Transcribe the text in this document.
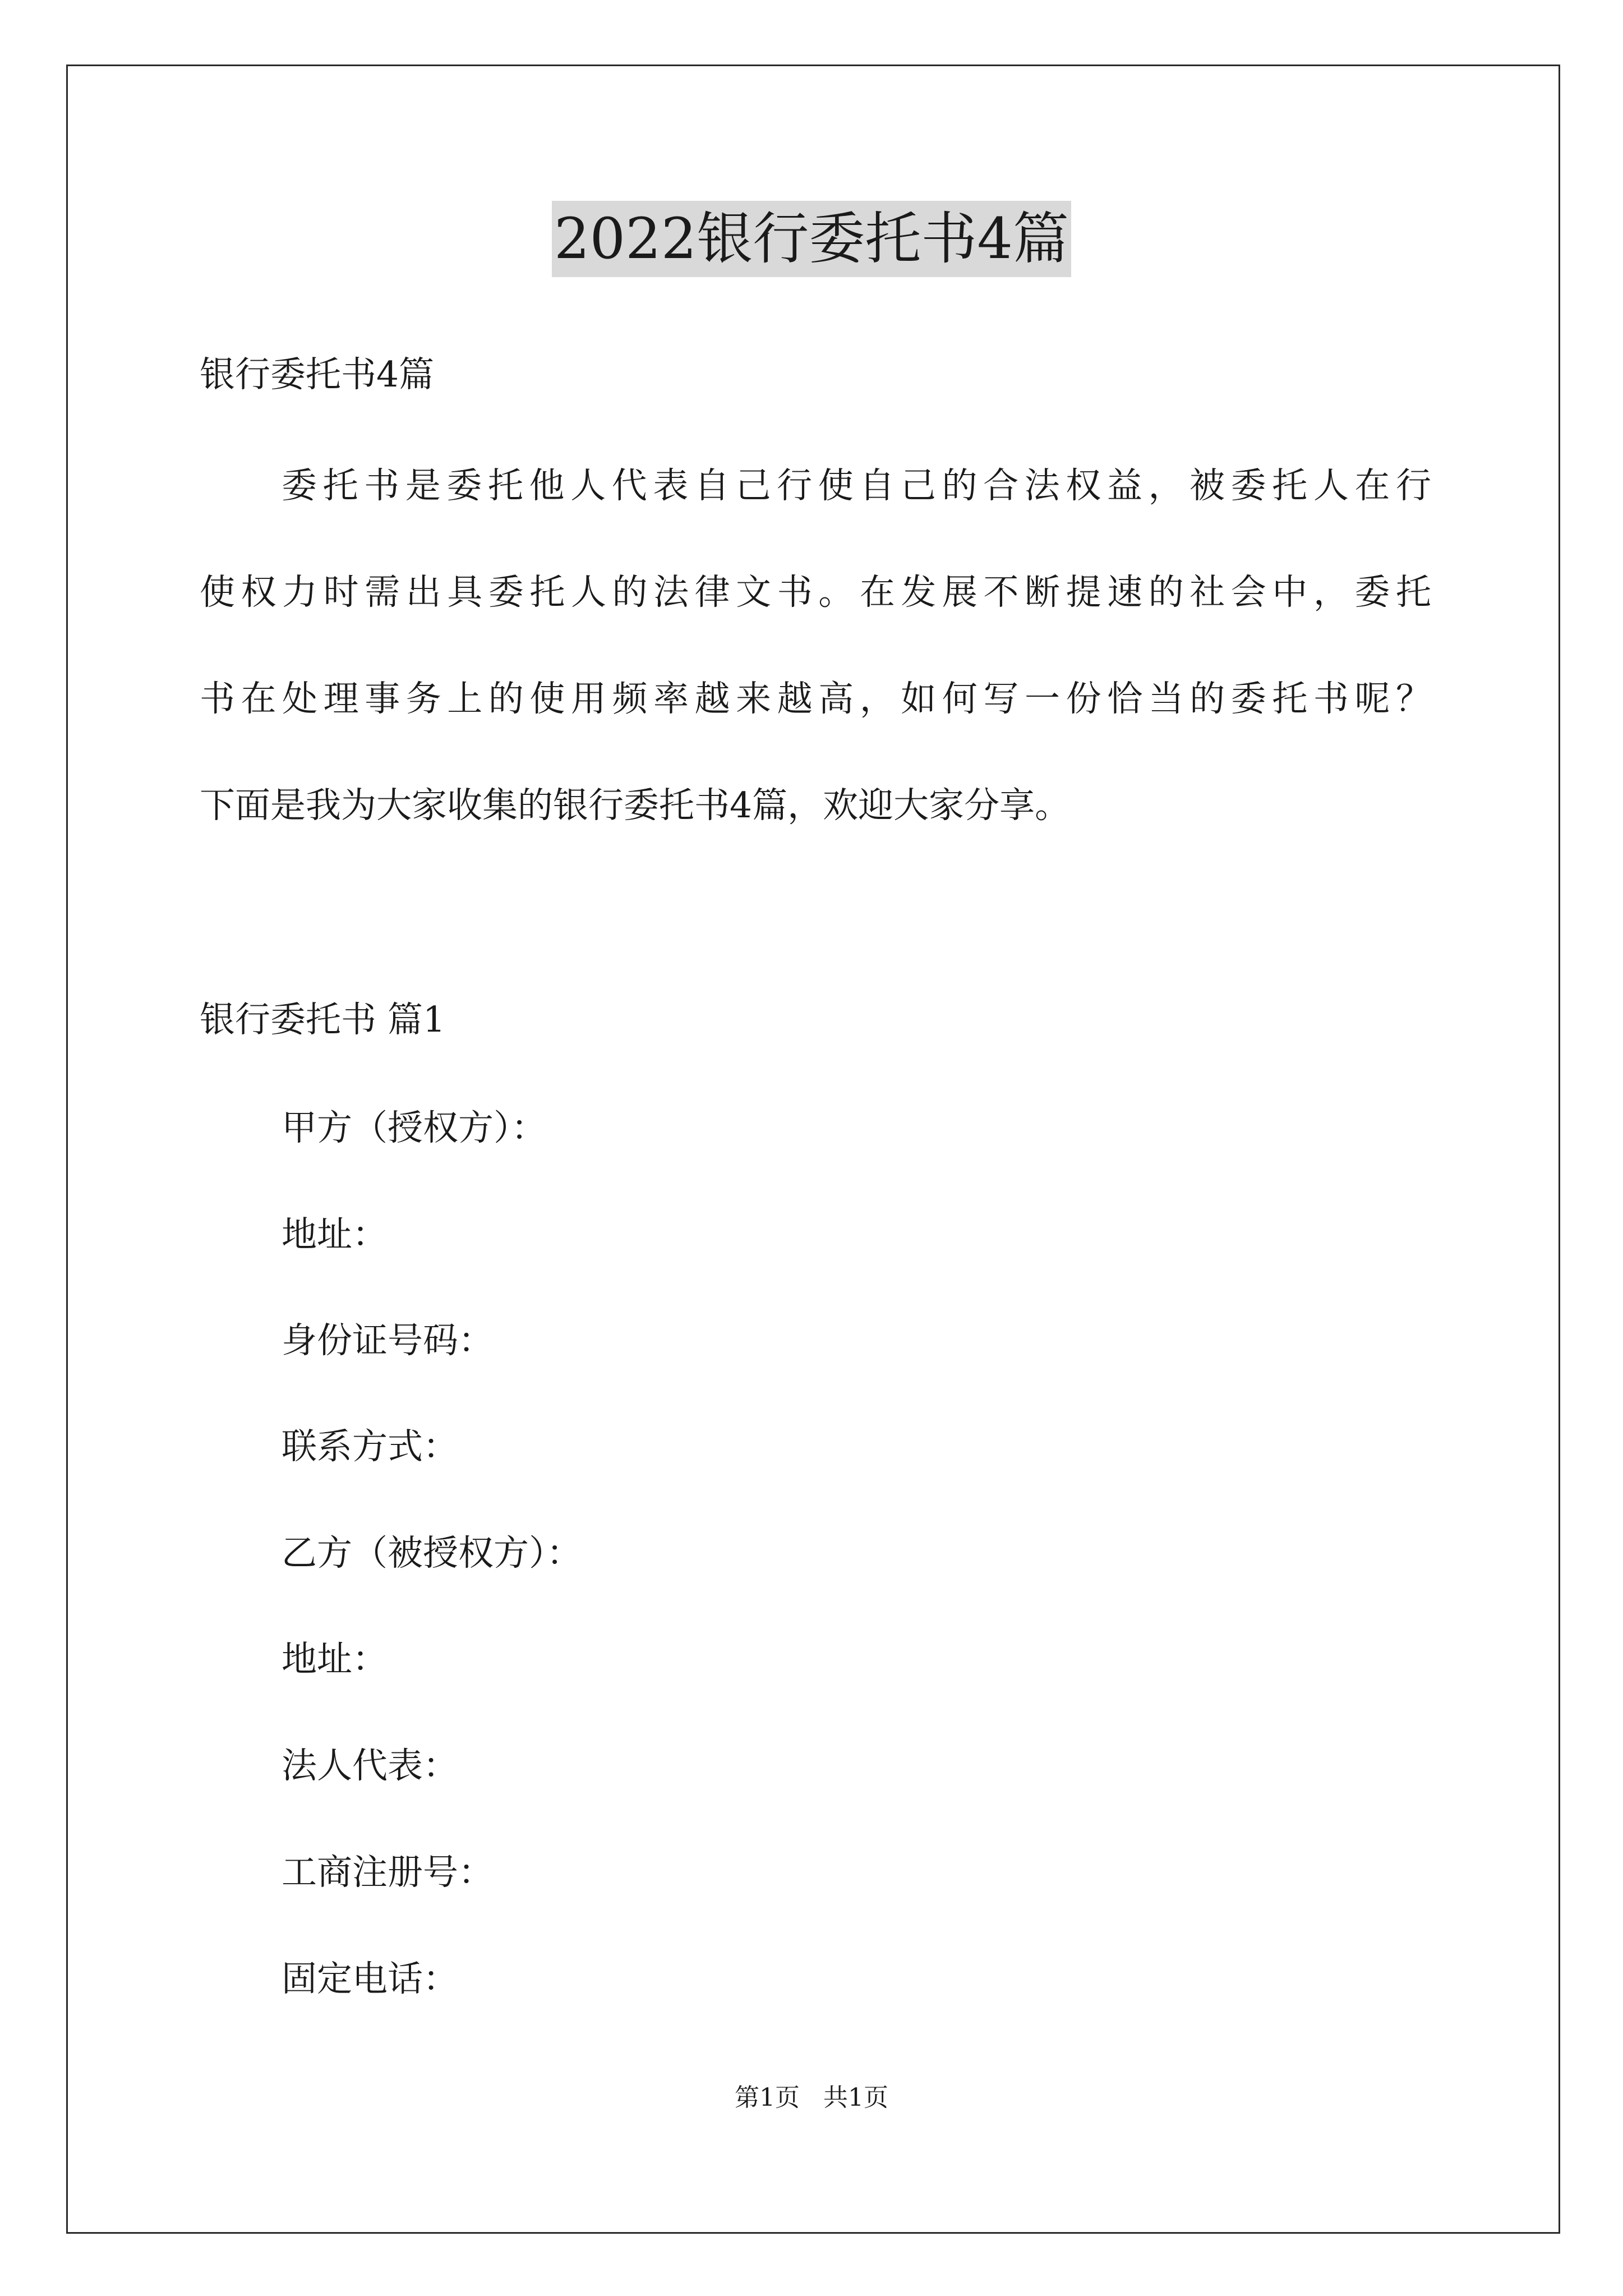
2022银行委托书4篇
银行委托书4篇
委托书是委托他人代表自己行使自己的合法权益，被委托人在行
使权力时需出具委托人的法律文书。在发展不断提速的社会中，委托
书在处理事务上的使用频率越来越高，如何写一份恰当的委托书呢？
下面是我为大家收集的银行委托书4篇，欢迎大家分享。
银行委托书 篇1
甲方（授权方）：
地址：
身份证号码：
联系方式：
乙方（被授权方）：
地址：
法人代表：
工商注册号：
固定电话：
第1页   共1页
